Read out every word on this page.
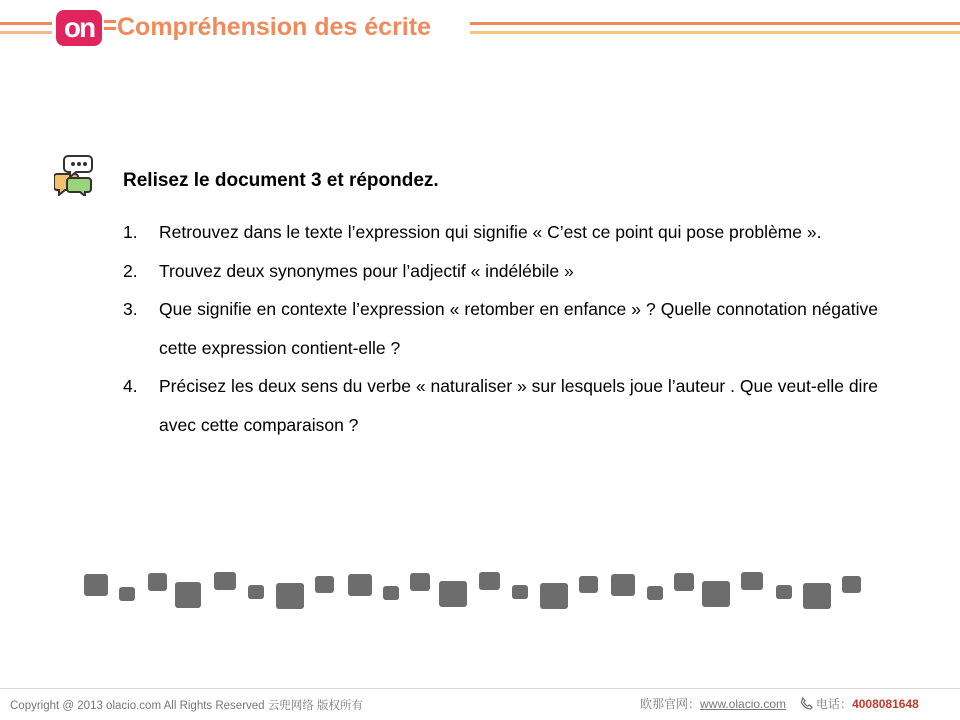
on Compréhension des écrite
Relisez le document 3 et répondez.
1.	Retrouvez dans le texte l’expression qui signifie « C’est ce point qui pose problème ».
2.	Trouvez deux synonymes pour l’adjectif « indélébile »
3.	Que signifie en contexte l’expression « retomber en enfance » ? Quelle connotation négative cette expression contient-elle ?
4.	Précisez les deux sens du verbe « naturaliser » sur lesquels joue l’auteur . Que veut-elle dire avec cette comparaison ?
Copyright @ 2013 olacio.com All Rights Reserved 云兜网络 版权所有	欧那官网： www.olacio.com	电话： 4008081648
